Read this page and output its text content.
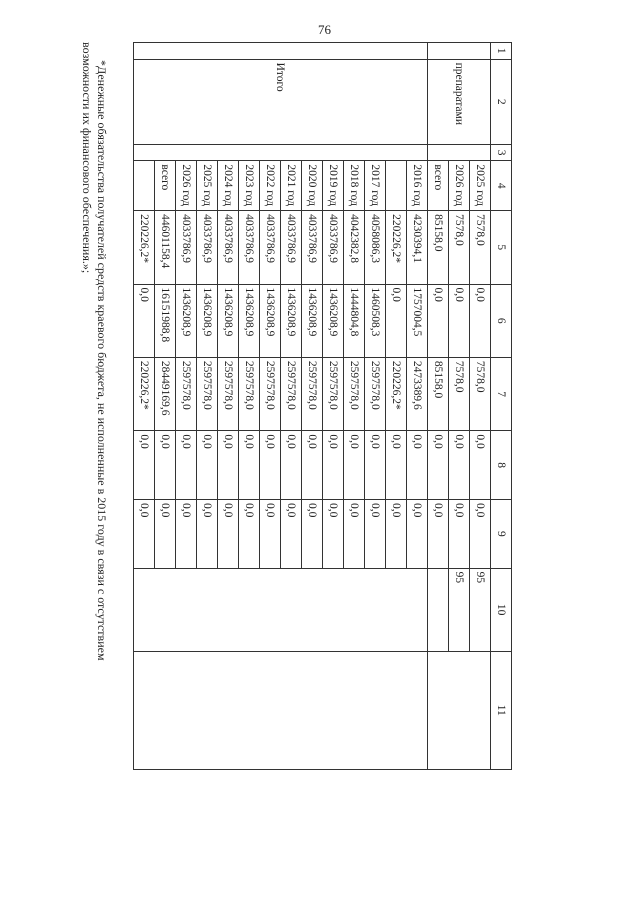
76
1	2	3	4	5	6	7	8	9	10	11
	препаратами		2025 год	7578,0	0,0	7578,0	0,0	0,0	95	
			2026 год	7578,0	0,0	7578,0	0,0	0,0	95	
			всего	85158,0	0,0	85158,0	0,0	0,0		
	Итого		2016 год	4230394,1	1757004,5	2473389,6	0,0	0,0		
				220226,2*	0,0	220226,2*	0,0	0,0		
			2017 год	4058086,3	1460508,3	2597578,0	0,0	0,0		
			2018 год	4042382,8	1444804,8	2597578,0	0,0	0,0		
			2019 год	4033786,9	1436208,9	2597578,0	0,0	0,0		
			2020 год	4033786,9	1436208,9	2597578,0	0,0	0,0		
			2021 год	4033786,9	1436208,9	2597578,0	0,0	0,0		
			2022 год	4033786,9	1436208,9	2597578,0	0,0	0,0		
			2023 год	4033786,9	1436208,9	2597578,0	0,0	0,0		
			2024 год	4033786,9	1436208,9	2597578,0	0,0	0,0		
			2025 год	4033786,9	1436208,9	2597578,0	0,0	0,0		
			2026 год	4033786,9	1436208,9	2597578,0	0,0	0,0		
			всего	44601158,4	16151988,8	28449169,6	0,0	0,0		
				220226,2*	0,0	220226,2*	0,0	0,0		

*Денежные обязательства получателей средств краевого бюджета, не исполненные в 2015 году в связи с отсутствием

возможности их финансового обеспечения.»;
